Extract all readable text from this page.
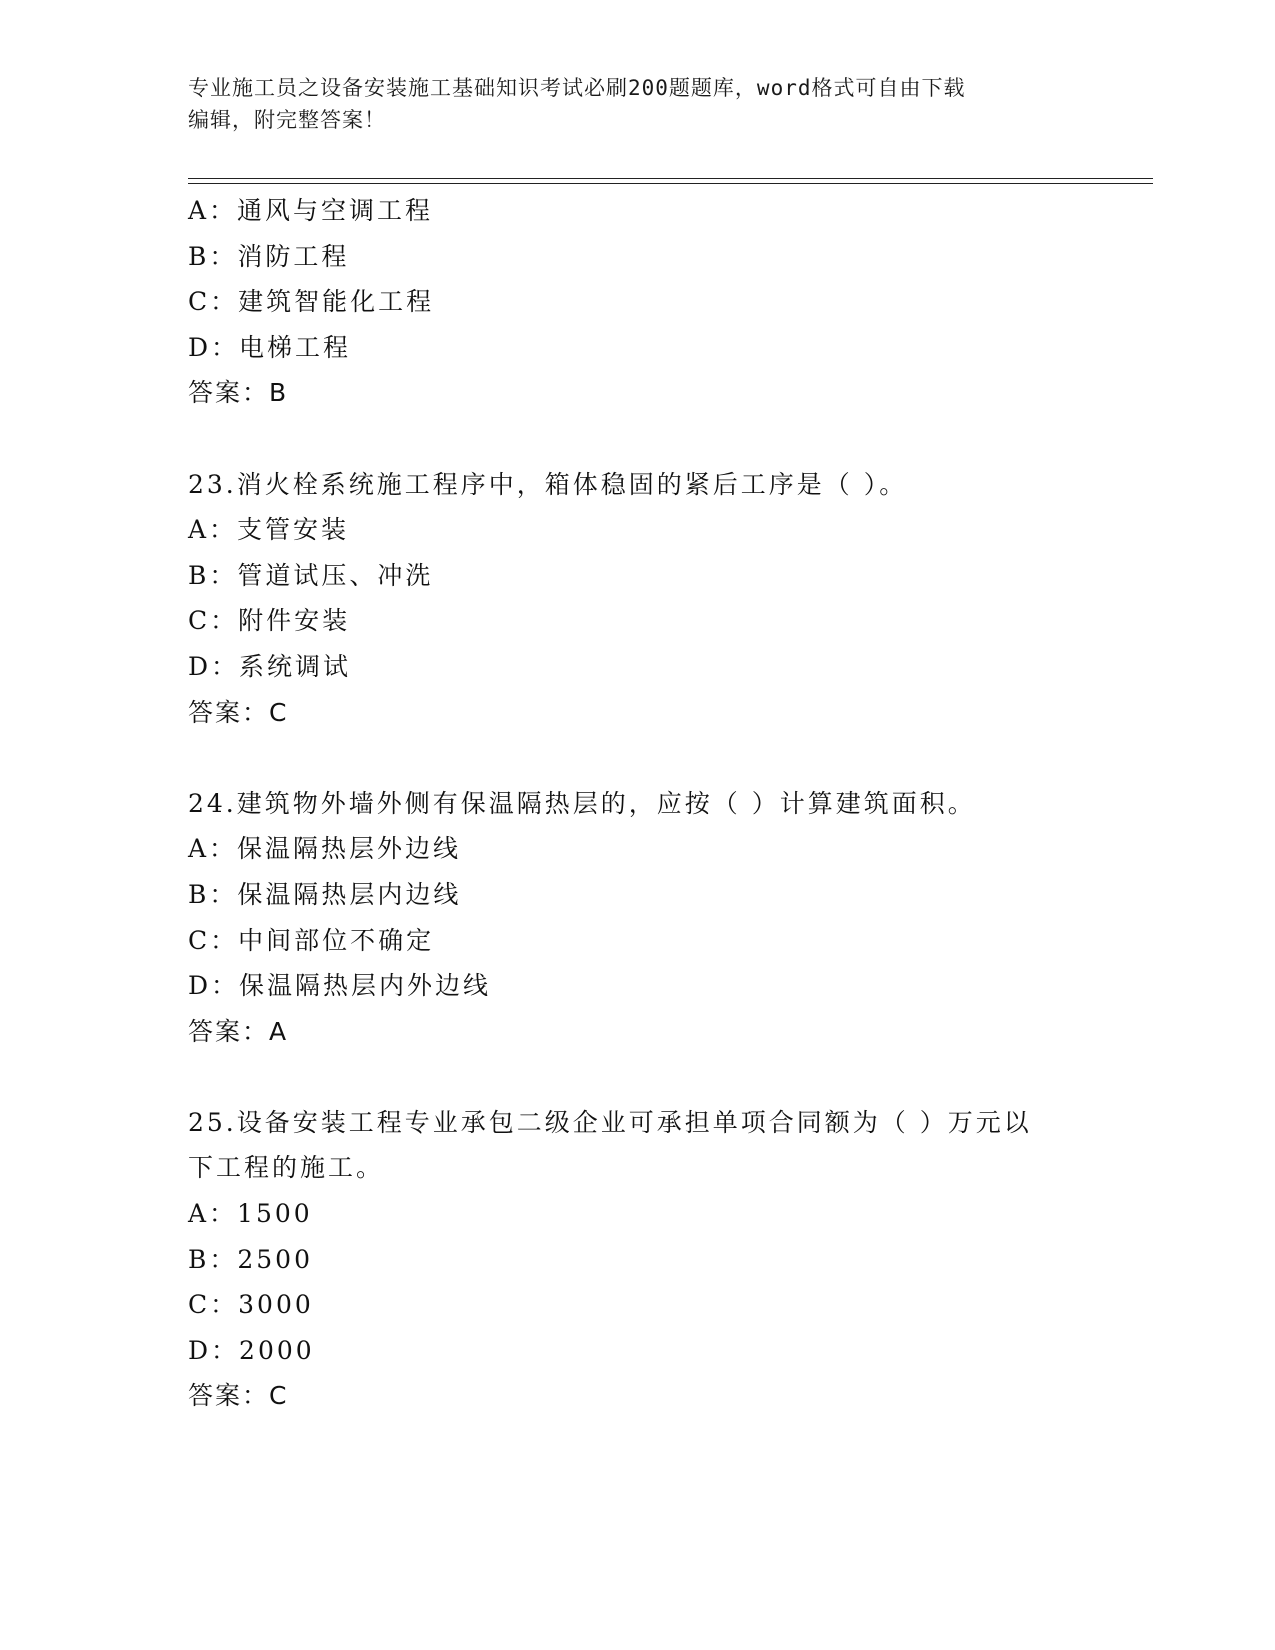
专业施工员之设备安装施工基础知识考试必刷200题题库，word格式可自由下载
编辑，附完整答案！
A：通风与空调工程
B：消防工程
C：建筑智能化工程
D：电梯工程
答案：B
23.消火栓系统施工程序中，箱体稳固的紧后工序是（ ）。
A：支管安装
B：管道试压、冲洗
C：附件安装
D：系统调试
答案：C
24.建筑物外墙外侧有保温隔热层的，应按（ ）计算建筑面积。
A：保温隔热层外边线
B：保温隔热层内边线
C：中间部位不确定
D：保温隔热层内外边线
答案：A
25.设备安装工程专业承包二级企业可承担单项合同额为（ ）万元以
下工程的施工。
A：1500
B：2500
C：3000
D：2000
答案：C
